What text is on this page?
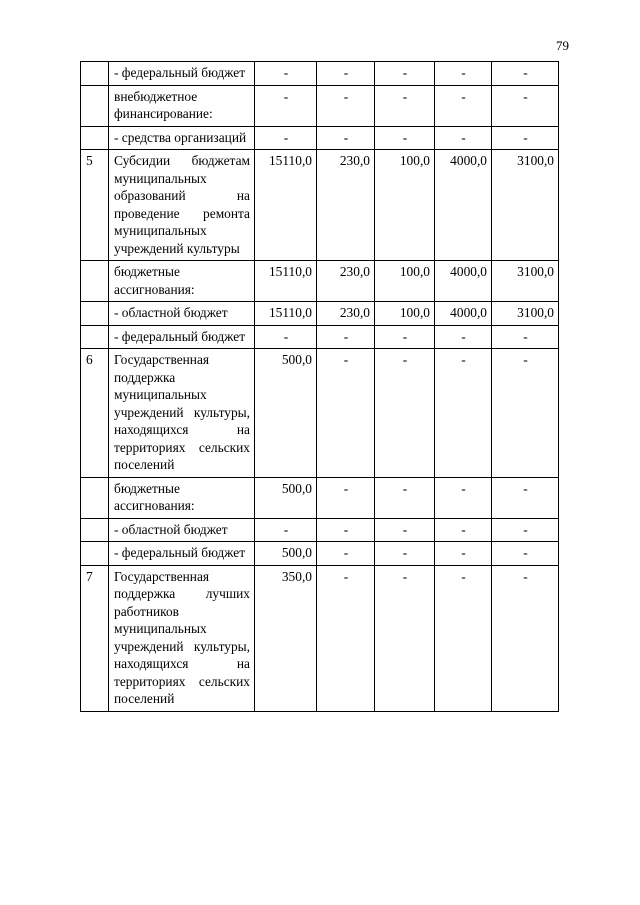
79
	- федеральный бюджет	-	-	-	-	-
	внебюджетное финансирование:	-	-	-	-	-
	- средства организаций	-	-	-	-	-
5	Субсидии бюджетам муниципальных образований на проведение ремонта муниципальных учреждений культуры	15110,0	230,0	100,0	4000,0	3100,0
	бюджетные ассигнования:	15110,0	230,0	100,0	4000,0	3100,0
	- областной бюджет	15110,0	230,0	100,0	4000,0	3100,0
	- федеральный бюджет	-	-	-	-	-
6	Государственная поддержка муниципальных учреждений культуры, находящихся на территориях сельских поселений	500,0	-	-	-	-
	бюджетные ассигнования:	500,0	-	-	-	-
	- областной бюджет	-	-	-	-	-
	- федеральный бюджет	500,0	-	-	-	-
7	Государственная поддержка лучших работников муниципальных учреждений культуры, находящихся на территориях сельских поселений	350,0	-	-	-	-
